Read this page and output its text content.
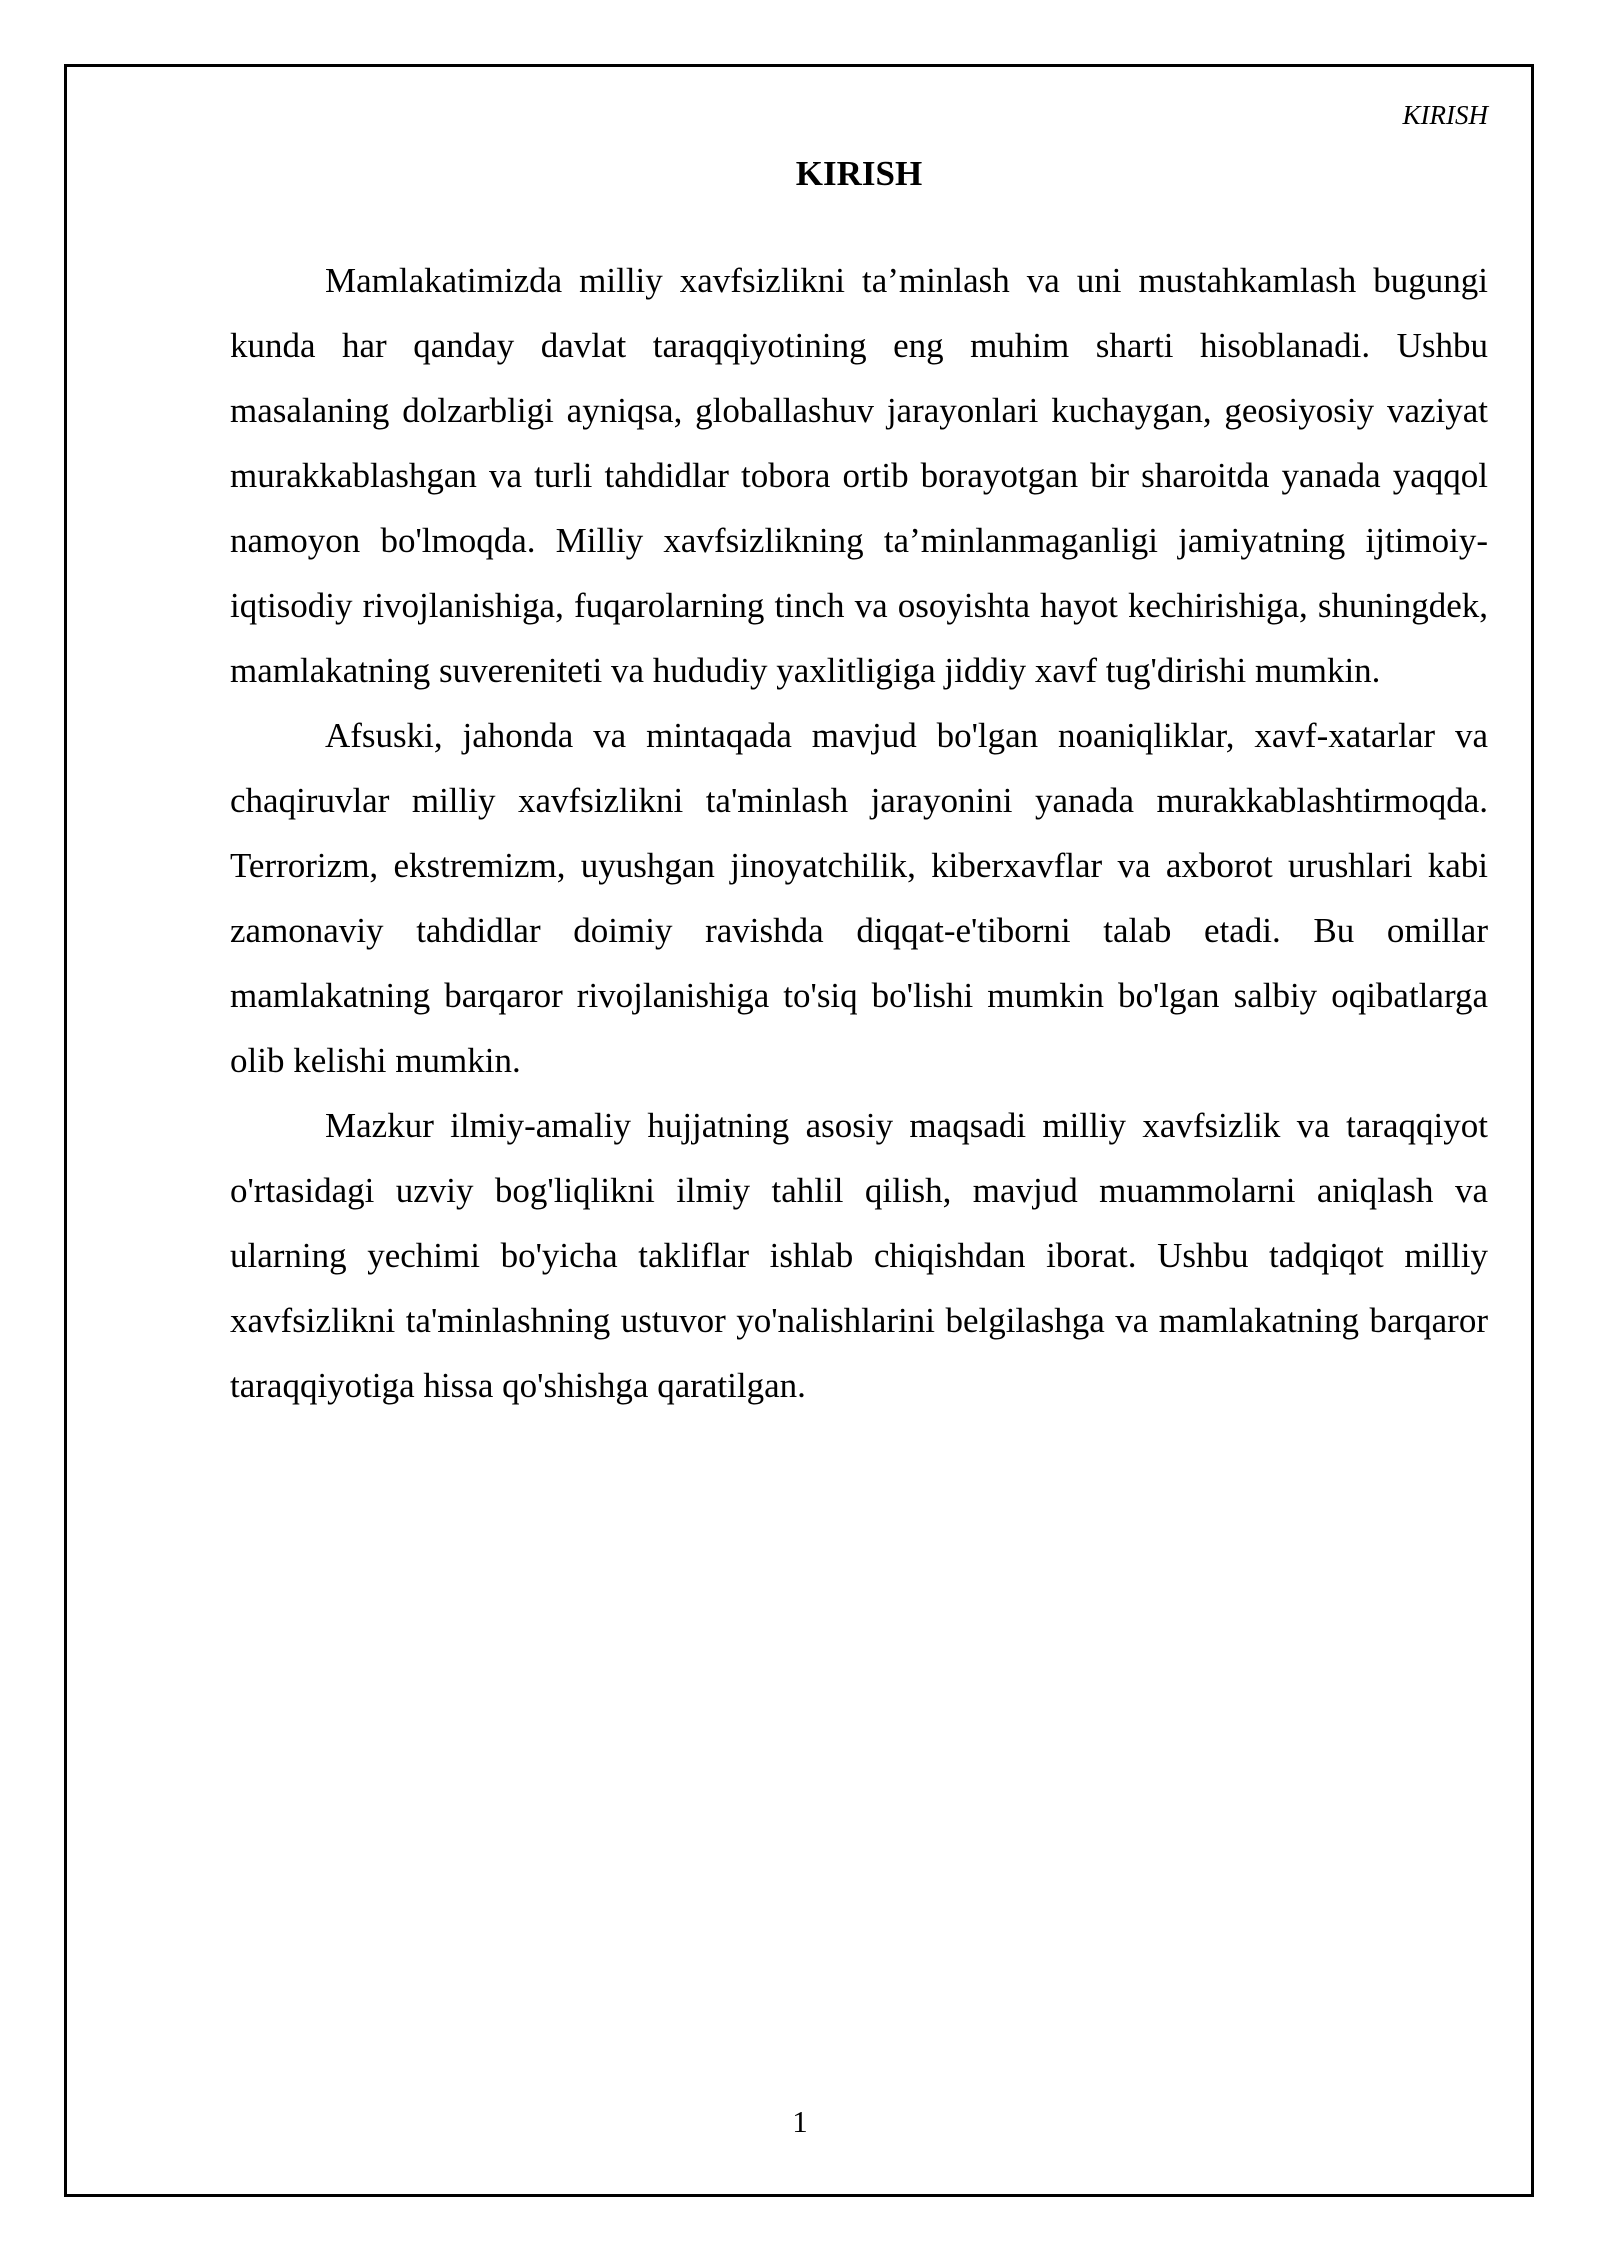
KIRISH
KIRISH

Mamlakatimizda milliy xavfsizlikni ta’minlash va uni mustahkamlash bugungi kunda har qanday davlat taraqqiyotining eng muhim sharti hisoblanadi. Ushbu masalaning dolzarbligi ayniqsa, globallashuv jarayonlari kuchaygan, geosiyosiy vaziyat murakkablashgan va turli tahdidlar tobora ortib borayotgan bir sharoitda yanada yaqqol namoyon bo'lmoqda. Milliy xavfsizlikning ta’minlanmaganligi jamiyatning ijtimoiy-iqtisodiy rivojlanishiga, fuqarolarning tinch va osoyishta hayot kechirishiga, shuningdek, mamlakatning suvereniteti va hududiy yaxlitligiga jiddiy xavf tug'dirishi mumkin.

Afsuski, jahonda va mintaqada mavjud bo'lgan noaniqliklar, xavf-xatarlar va chaqiruvlar milliy xavfsizlikni ta'minlash jarayonini yanada murakkablashtirmoqda. Terrorizm, ekstremizm, uyushgan jinoyatchilik, kiberxavflar va axborot urushlari kabi zamonaviy tahdidlar doimiy ravishda diqqat-e'tiborni talab etadi. Bu omillar mamlakatning barqaror rivojlanishiga to'siq bo'lishi mumkin bo'lgan salbiy oqibatlarga olib kelishi mumkin.

Mazkur ilmiy-amaliy hujjatning asosiy maqsadi milliy xavfsizlik va taraqqiyot o'rtasidagi uzviy bog'liqlikni ilmiy tahlil qilish, mavjud muammolarni aniqlash va ularning yechimi bo'yicha takliflar ishlab chiqishdan iborat. Ushbu tadqiqot milliy xavfsizlikni ta'minlashning ustuvor yo'nalishlarini belgilashga va mamlakatning barqaror taraqqiyotiga hissa qo'shishga qaratilgan.

1
